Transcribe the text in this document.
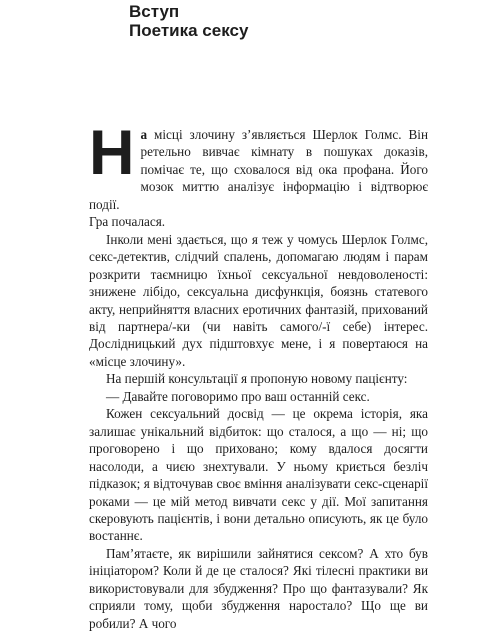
Вступ
Поетика сексу

На місці злочину з’являється Шерлок Голмс. Він ретельно вивчає кімнату в пошуках доказів, помічає те, що сховалося від ока профана. Його мозок миттю аналізує інформацію і відтворює події.

Гра почалася.

Інколи мені здається, що я теж у чомусь Шерлок Голмс, секс-детектив, слідчий спалень, допомагаю людям і парам розкрити таємницю їхньої сексуальної невдоволеності: знижене лібідо, сексуальна дисфункція, боязнь статевого акту, неприйняття власних еротичних фантазій, прихований від партнера/-ки (чи навіть самого/-ї себе) інтерес. Дослідницький дух підштовхує мене, і я повертаюся на «місце злочину».

На першій консультації я пропоную новому пацієнту:

— Давайте поговоримо про ваш останній секс.

Кожен сексуальний досвід — це окрема історія, яка залишає унікальний відбиток: що сталося, а що — ні; що проговорено і що приховано; кому вдалося досягти насолоди, а чиєю знехтували. У ньому криється безліч підказок; я відточував своє вміння аналізувати секс-сценарії роками — це мій метод вивчати секс у дії. Мої запитання скеровують пацієнтів, і вони детально описують, як це було востаннє.

Пам’ятаєте, як вирішили зайнятися сексом? А хто був ініціатором? Коли й де це сталося? Які тілесні практики ви використовували для збудження? Про що фантазували? Як сприяли тому, щоби збудження наростало? Що ще ви робили? А чого
